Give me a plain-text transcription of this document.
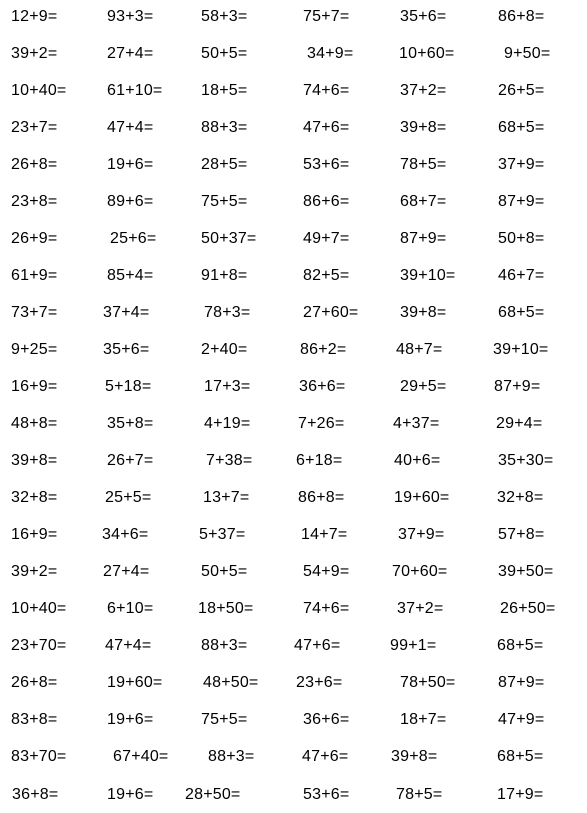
12+9=	93+3=	58+3=	75+7=	35+6=	86+8=
39+2=	27+4=	50+5=	34+9=	10+60=	9+50=
10+40=	61+10= 18+5=	74+6=	37+2=	26+5=
23+7=	47+4=	88+3=	47+6=	39+8=	68+5=
26+8=	19+6=	28+5=	53+6=	78+5=	37+9=
23+8=	89+6=	75+5=	86+6=	68+7=	87+9=
26+9=	25+6=	50+37=	49+7=	87+9=	50+8=
61+9=	85+4=	91+8=	82+5=	39+10=	46+7=
73+7=	37+4=	78+3=	27+60=	39+8=	68+5=
9+25=	35+6=	2+40=	86+2=	48+7=	39+10=
16+9=	5+18=	17+3=	36+6=	29+5=	87+9=
48+8=	35+8=	4+19=	7+26=	4+37=	29+4=
39+8=	26+7=	7+38=	6+18=	40+6=	35+30=
32+8=	25+5=	13+7=	86+8=	19+60=	32+8=
16+9=	34+6=	5+37=	14+7=	37+9=	57+8=
39+2=	27+4=	50+5=	54+9=	70+60=	39+50=
10+40=	6+10=	18+50=	74+6=	37+2=	26+50=
23+70= 47+4=	88+3=	47+6=	99+1=	68+5=
26+8=	19+60=	48+50= 23+6=	78+50=	87+9=
83+8=	19+6=	75+5=	36+6=	18+7=	47+9=
83+70=	67+40= 88+3=	47+6=	39+8=	68+5=
36+8=	19+6= 28+50=	53+6=	78+5=	17+9=
